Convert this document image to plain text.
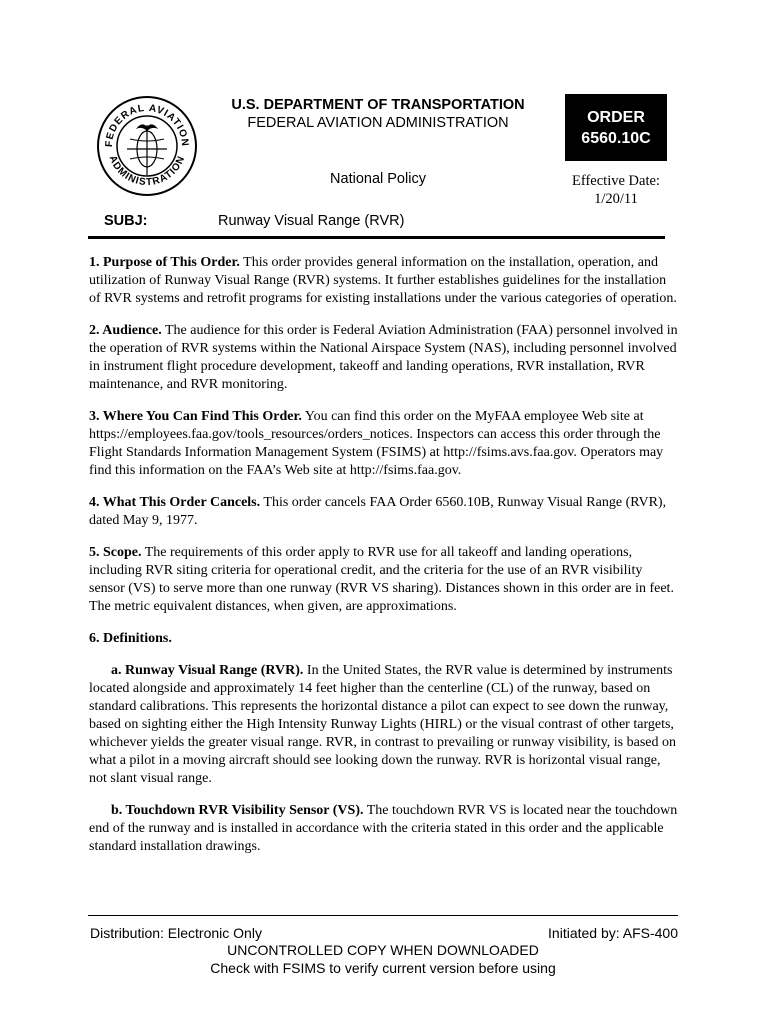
FEDERAL AVIATION
ADMINISTRATION
U.S. DEPARTMENT OF TRANSPORTATION
FEDERAL AVIATION ADMINISTRATION
National Policy
ORDER
6560.10C
Effective Date:
1/20/11
SUBJ:	Runway Visual Range (RVR)

1. Purpose of This Order. This order provides general information on the installation, operation, and utilization of Runway Visual Range (RVR) systems. It further establishes guidelines for the installation of RVR systems and retrofit programs for existing installations under the various categories of operation.

2. Audience. The audience for this order is Federal Aviation Administration (FAA) personnel involved in the operation of RVR systems within the National Airspace System (NAS), including personnel involved in instrument flight procedure development, takeoff and landing operations, RVR installation, RVR maintenance, and RVR monitoring.

3. Where You Can Find This Order. You can find this order on the MyFAA employee Web site at https://employees.faa.gov/tools_resources/orders_notices. Inspectors can access this order through the Flight Standards Information Management System (FSIMS) at http://fsims.avs.faa.gov. Operators may find this information on the FAA’s Web site at http://fsims.faa.gov.

4. What This Order Cancels. This order cancels FAA Order 6560.10B, Runway Visual Range (RVR), dated May 9, 1977.

5. Scope. The requirements of this order apply to RVR use for all takeoff and landing operations, including RVR siting criteria for operational credit, and the criteria for the use of an RVR visibility sensor (VS) to serve more than one runway (RVR VS sharing). Distances shown in this order are in feet. The metric equivalent distances, when given, are approximations.

6. Definitions.

a. Runway Visual Range (RVR). In the United States, the RVR value is determined by instruments located alongside and approximately 14 feet higher than the centerline (CL) of the runway, based on standard calibrations. This represents the horizontal distance a pilot can expect to see down the runway, based on sighting either the High Intensity Runway Lights (HIRL) or the visual contrast of other targets, whichever yields the greater visual range. RVR, in contrast to prevailing or runway visibility, is based on what a pilot in a moving aircraft should see looking down the runway. RVR is horizontal visual range, not slant visual range.

b. Touchdown RVR Visibility Sensor (VS). The touchdown RVR VS is located near the touchdown end of the runway and is installed in accordance with the criteria stated in this order and the applicable standard installation drawings.

Distribution: Electronic Only	Initiated by: AFS-400
UNCONTROLLED COPY WHEN DOWNLOADED
Check with FSIMS to verify current version before using
